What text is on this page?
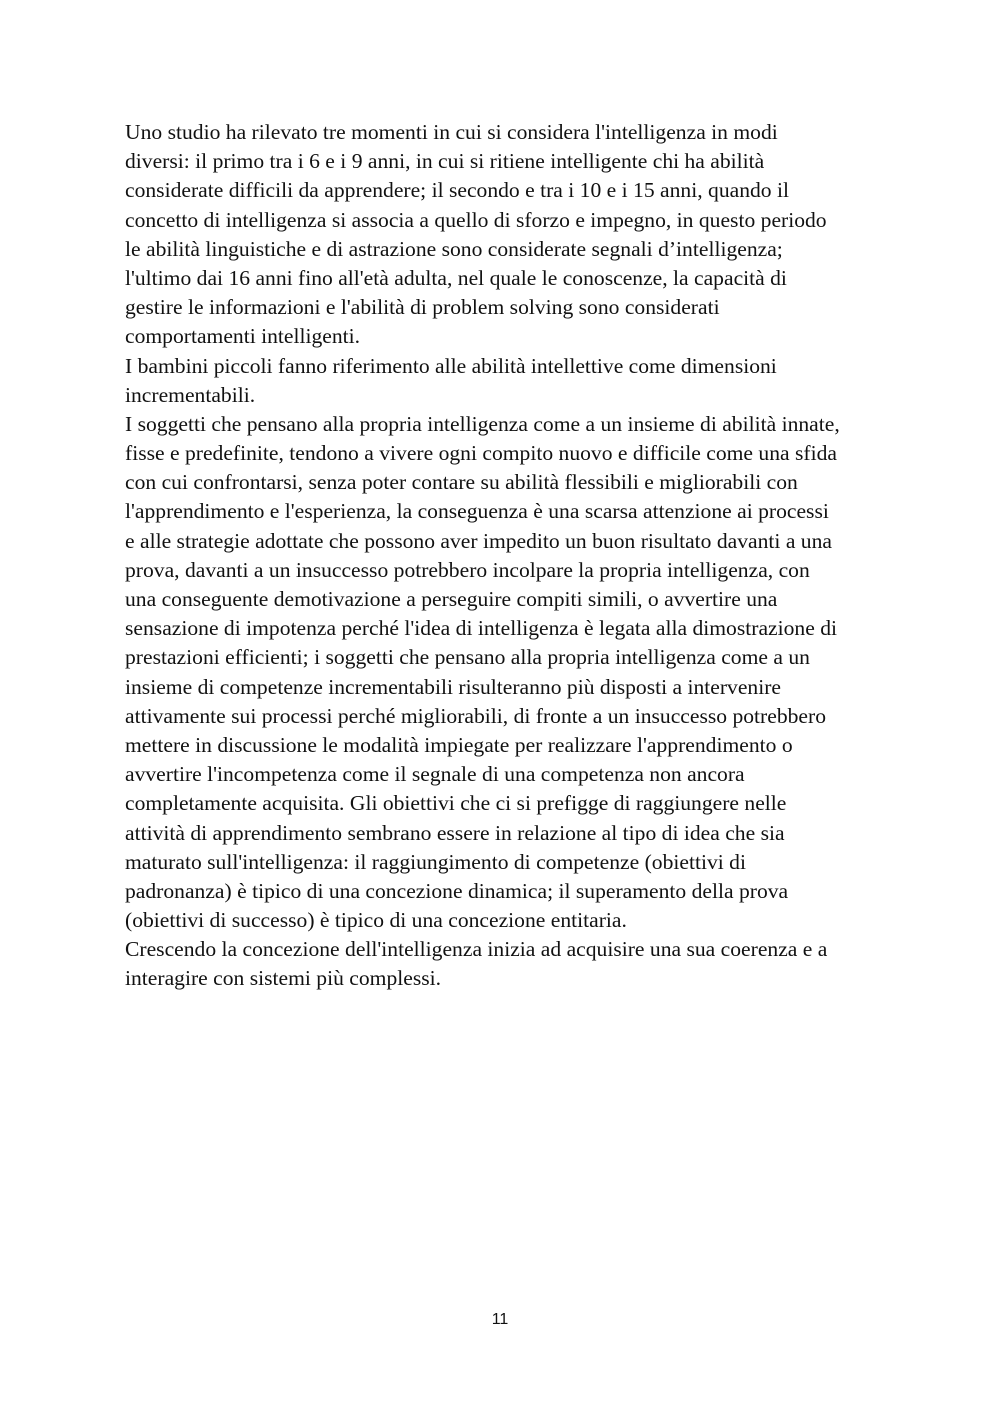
Uno studio ha rilevato tre momenti in cui si considera l'intelligenza in modi
diversi: il primo tra i 6 e i 9 anni, in cui si ritiene intelligente chi ha abilità
considerate difficili da apprendere; il secondo e tra i 10 e i 15 anni, quando il
concetto di intelligenza si associa a quello di sforzo e impegno, in questo periodo
le abilità linguistiche e di astrazione sono considerate segnali d’intelligenza;
l'ultimo dai 16 anni fino all'età adulta, nel quale le conoscenze, la capacità di
gestire le informazioni e l'abilità di problem solving sono considerati
comportamenti intelligenti.
I bambini piccoli fanno riferimento alle abilità intellettive come dimensioni
incrementabili.
I soggetti che pensano alla propria intelligenza come a un insieme di abilità innate,
fisse e predefinite, tendono a vivere ogni compito nuovo e difficile come una sfida
con cui confrontarsi, senza poter contare su abilità flessibili e migliorabili con
l'apprendimento e l'esperienza, la conseguenza è una scarsa attenzione ai processi
e alle strategie adottate che possono aver impedito un buon risultato davanti a una
prova, davanti a un insuccesso potrebbero incolpare la propria intelligenza, con
una conseguente demotivazione a perseguire compiti simili, o avvertire una
sensazione di impotenza perché l'idea di intelligenza è legata alla dimostrazione di
prestazioni efficienti; i soggetti che pensano alla propria intelligenza come a un
insieme di competenze incrementabili risulteranno più disposti a intervenire
attivamente sui processi perché migliorabili, di fronte a un insuccesso potrebbero
mettere in discussione le modalità impiegate per realizzare l'apprendimento o
avvertire l'incompetenza come il segnale di una competenza non ancora
completamente acquisita. Gli obiettivi che ci si prefigge di raggiungere nelle
attività di apprendimento sembrano essere in relazione al tipo di idea che sia
maturato sull'intelligenza: il raggiungimento di competenze (obiettivi di
padronanza) è tipico di una concezione dinamica; il superamento della prova
(obiettivi di successo) è tipico di una concezione entitaria.
Crescendo la concezione dell'intelligenza inizia ad acquisire una sua coerenza e a
interagire con sistemi più complessi.
11
